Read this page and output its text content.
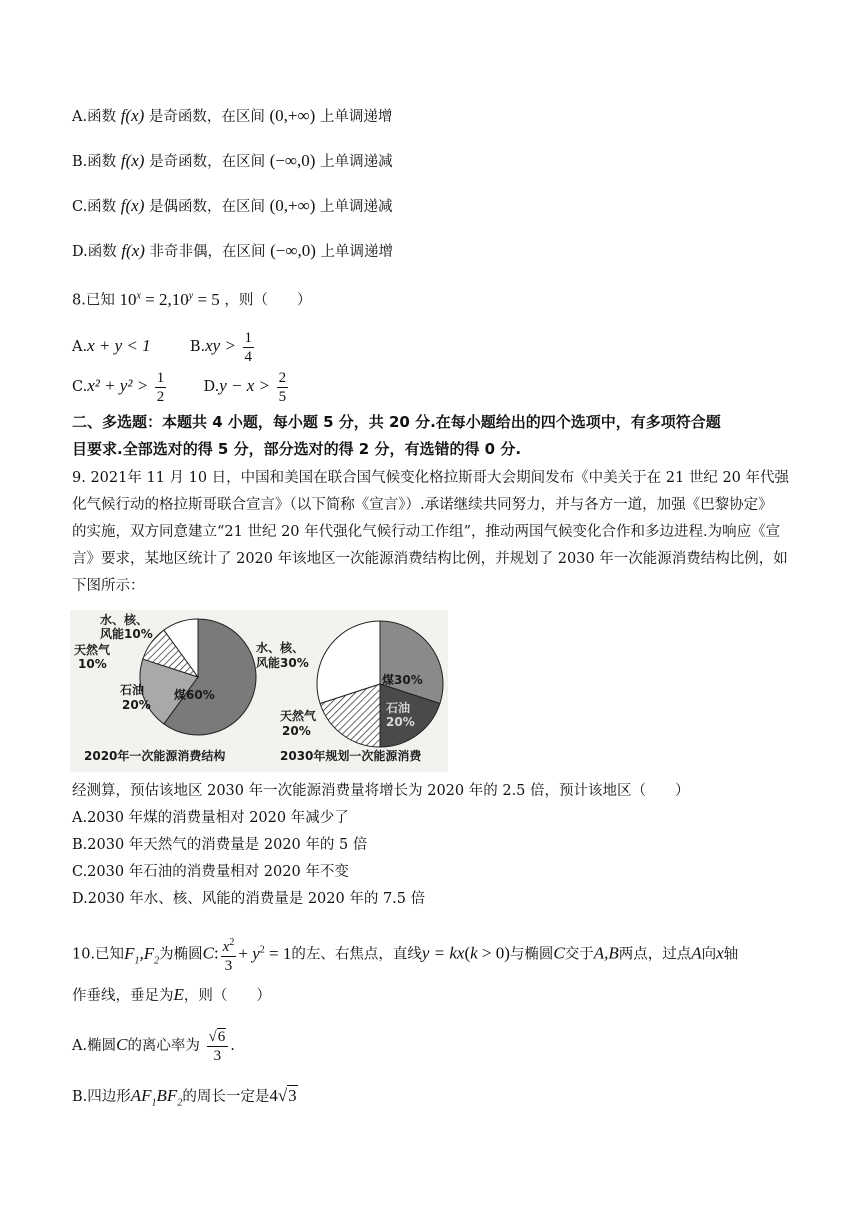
A.函数 f(x) 是奇函数，在区间 (0,+∞) 上单调递增
B.函数 f(x) 是奇函数，在区间 (−∞,0) 上单调递减
C.函数 f(x) 是偶函数，在区间 (0,+∞) 上单调递减
D.函数 f(x) 非奇非偶，在区间 (−∞,0) 上单调递增
8.已知 $10^x = 2,10^y = 5$ ，则（　　）
A.x + y < 1	$B.xy > \frac{1}{4}$
$C.x^2 + y^2 > \frac{1}{2}$	$D.y - x > \frac{2}{5}$
二、多选题：本题共 4 小题，每小题 5 分，共 20 分.在每小题给出的四个选项中，有多项符合题
目要求.全部选对的得 5 分，部分选对的得 2 分，有选错的得 0 分.
9. 2021年 11 月 10 日，中国和美国在联合国气候变化格拉斯哥大会期间发布《中美关于在 21 世纪 20 年代强
化气候行动的格拉斯哥联合宣言》（以下简称《宣言》）.承诺继续共同努力，并与各方一道，加强《巴黎协定》
的实施，双方同意建立“21 世纪 20 年代强化气候行动工作组”，推动两国气候变化合作和多边进程.为响应《宣
言》要求，某地区统计了 2020 年该地区一次能源消费结构比例，并规划了 2030 年一次能源消费结构比例，如
下图所示：
水、核、
风能10%
天然气
10%
石油
20%
煤60%
2020年一次能源消费结构
水、核、
风能30%
煤30%
石油
20%
天然气
20%
2030年规划一次能源消费
经测算，预估该地区 2030 年一次能源消费量将增长为 2020 年的 2.5 倍，预计该地区（　　）
A.2030 年煤的消费量相对 2020 年减少了
B.2030 年天然气的消费量是 2020 年的 5 倍
C.2030 年石油的消费量相对 2020 年不变
D.2030 年水、核、风能的消费量是 2020 年的 7.5 倍
10.已知$F_1,F_2$为椭圆C: $\frac{x^2}{3} + y^2 = 1$的左、右焦点，直线y = kx(k > 0)与椭圆C交于A,B两点，过点A向x轴
作垂线，垂足为E，则（　　）
A.椭圆C的离心率为 $\frac{√6}{3}$ .
B.四边形$AF_1BF_2$的周长一定是4√3
